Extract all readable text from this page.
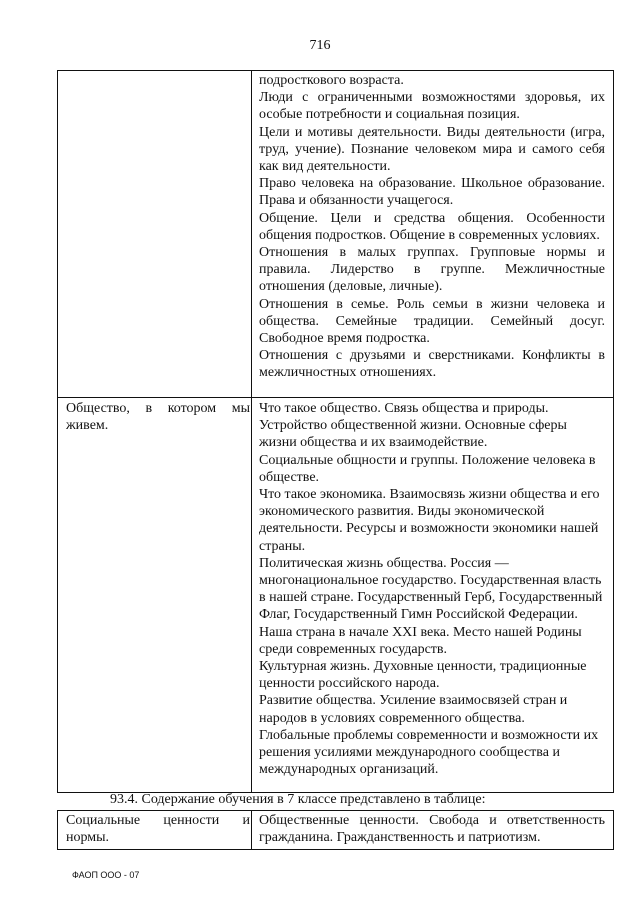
716
подросткового возраста.
Люди с ограниченными возможностями здоровья, их особые потребности и социальная позиция.
Цели и мотивы деятельности. Виды деятельности (игра, труд, учение). Познание человеком мира и самого себя как вид деятельности.
Право человека на образование. Школьное образование. Права и обязанности учащегося.
Общение. Цели и средства общения. Особенности общения подростков. Общение в современных условиях.
Отношения в малых группах. Групповые нормы и правила. Лидерство в группе. Межличностные отношения (деловые, личные).
Отношения в семье. Роль семьи в жизни человека и общества. Семейные традиции. Семейный досуг. Свободное время подростка.
Отношения с друзьями и сверстниками. Конфликты в межличностных отношениях.
Общество, в котором мы живем.

Что такое общество. Связь общества и природы.

Устройство общественной жизни. Основные сферы жизни общества и их взаимодействие.

Социальные общности и группы. Положение человека в обществе.

Что такое экономика. Взаимосвязь жизни общества и его экономического развития. Виды экономической деятельности. Ресурсы и возможности экономики нашей страны.

Политическая жизнь общества. Россия — многонациональное государство. Государственная власть в нашей стране. Государственный Герб, Государственный Флаг, Государственный Гимн Российской Федерации. Наша страна в начале XXI века. Место нашей Родины среди современных государств.

Культурная жизнь. Духовные ценности, традиционные ценности российского народа.

Развитие общества. Усиление взаимосвязей стран и народов в условиях современного общества.

Глобальные проблемы современности и возможности их решения усилиями международного сообщества и международных организаций.

93.4. Содержание обучения в 7 классе представлено в таблице:
Социальные ценности и нормы.
Общественные ценности. Свобода и ответственность гражданина. Гражданственность и патриотизм.
ФАОП ООО - 07
